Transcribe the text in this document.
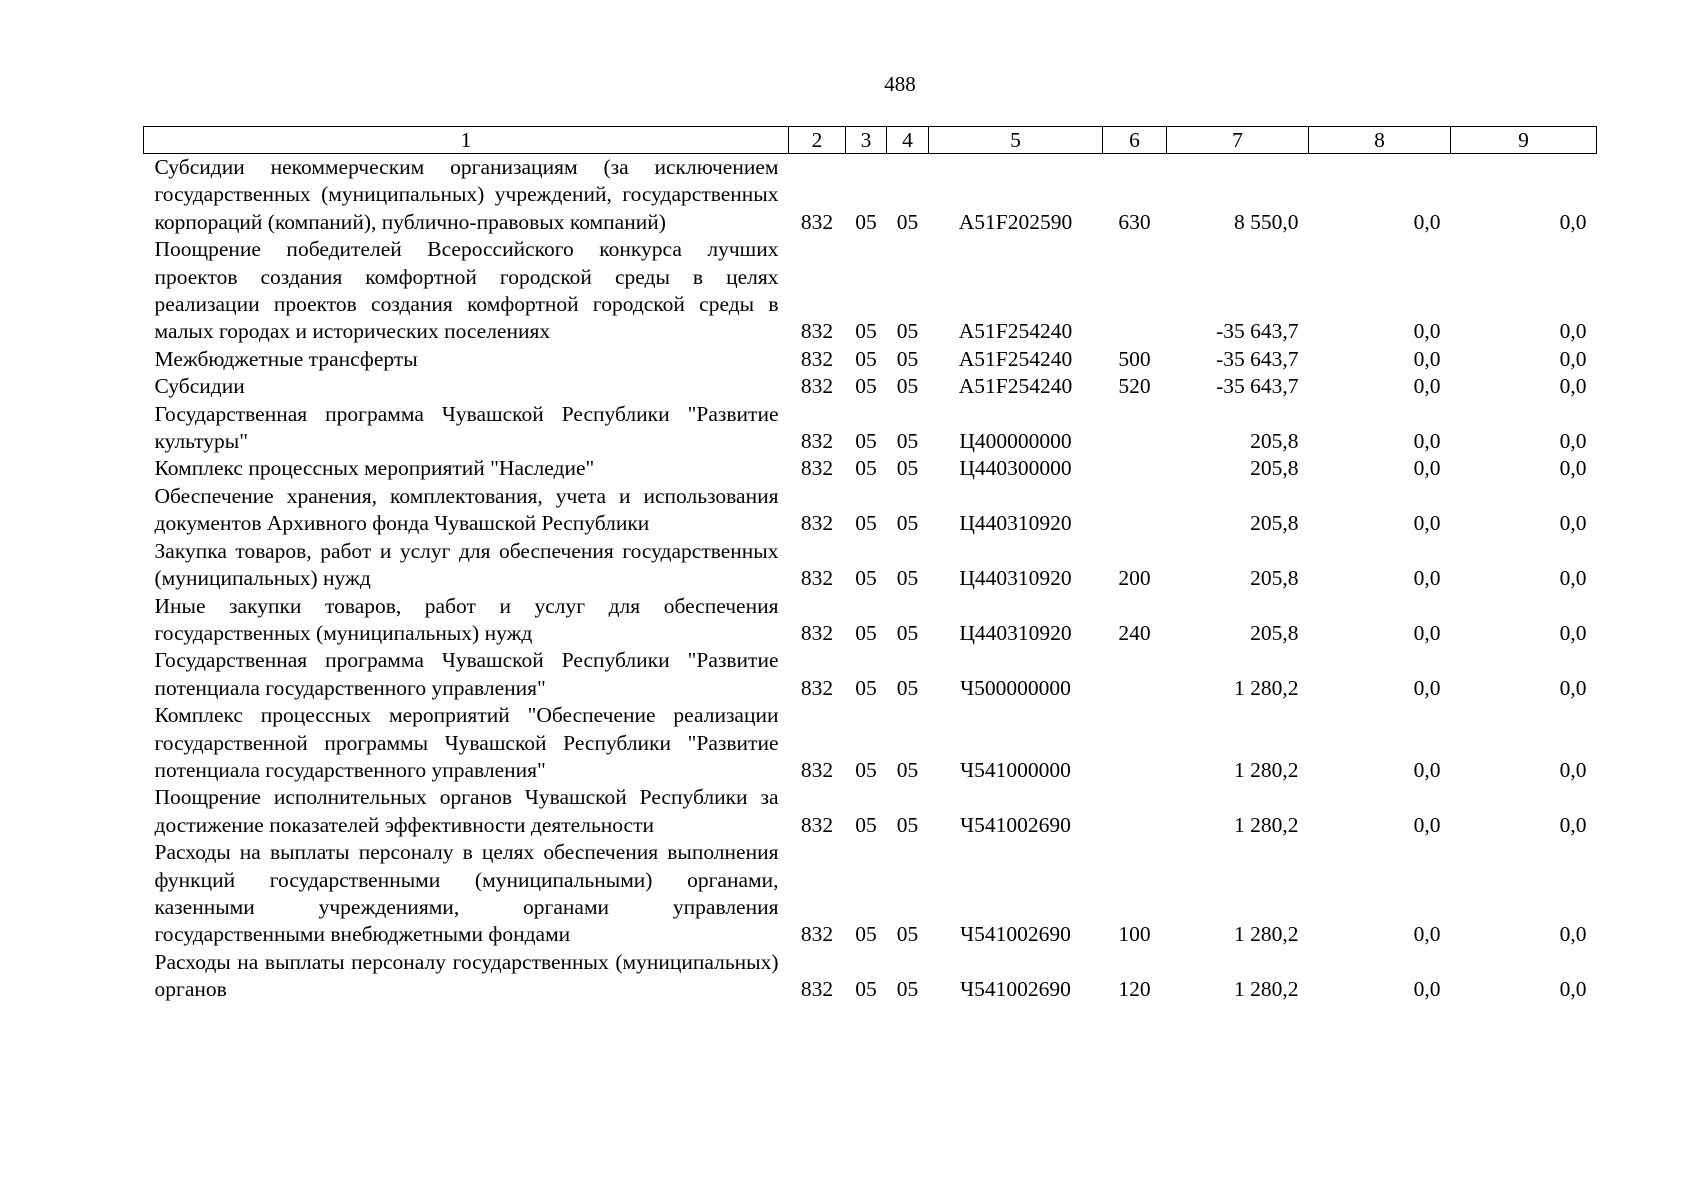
488
1	2	3	4	5	6	7	8	9
Субсидии некоммерческим организациям (за исключением государственных (муниципальных) учреждений, государственных корпораций (компаний), публично-правовых компаний)	832	05	05	A51F202590	630	8 550,0	0,0	0,0
Поощрение победителей Всероссийского конкурса лучших проектов создания комфортной городской среды в целях реализации проектов создания комфортной городской среды в малых городах и исторических поселениях	832	05	05	A51F254240		-35 643,7	0,0	0,0
Межбюджетные трансферты	832	05	05	A51F254240	500	-35 643,7	0,0	0,0
Субсидии	832	05	05	A51F254240	520	-35 643,7	0,0	0,0
Государственная программа Чувашской Республики "Развитие культуры"	832	05	05	Ц400000000		205,8	0,0	0,0
Комплекс процессных мероприятий "Наследие"	832	05	05	Ц440300000		205,8	0,0	0,0
Обеспечение хранения, комплектования, учета и использования документов Архивного фонда Чувашской Республики	832	05	05	Ц440310920		205,8	0,0	0,0
Закупка товаров, работ и услуг для обеспечения государственных (муниципальных) нужд	832	05	05	Ц440310920	200	205,8	0,0	0,0
Иные закупки товаров, работ и услуг для обеспечения государственных (муниципальных) нужд	832	05	05	Ц440310920	240	205,8	0,0	0,0
Государственная программа Чувашской Республики "Развитие потенциала государственного управления"	832	05	05	Ч500000000		1 280,2	0,0	0,0
Комплекс процессных мероприятий "Обеспечение реализации государственной программы Чувашской Республики "Развитие потенциала государственного управления"	832	05	05	Ч541000000		1 280,2	0,0	0,0
Поощрение исполнительных органов Чувашской Республики за достижение показателей эффективности деятельности	832	05	05	Ч541002690		1 280,2	0,0	0,0
Расходы на выплаты персоналу в целях обеспечения выполнения функций государственными (муниципальными) органами, казенными учреждениями, органами управления государственными внебюджетными фондами	832	05	05	Ч541002690	100	1 280,2	0,0	0,0
Расходы на выплаты персоналу государственных (муниципальных) органов	832	05	05	Ч541002690	120	1 280,2	0,0	0,0
